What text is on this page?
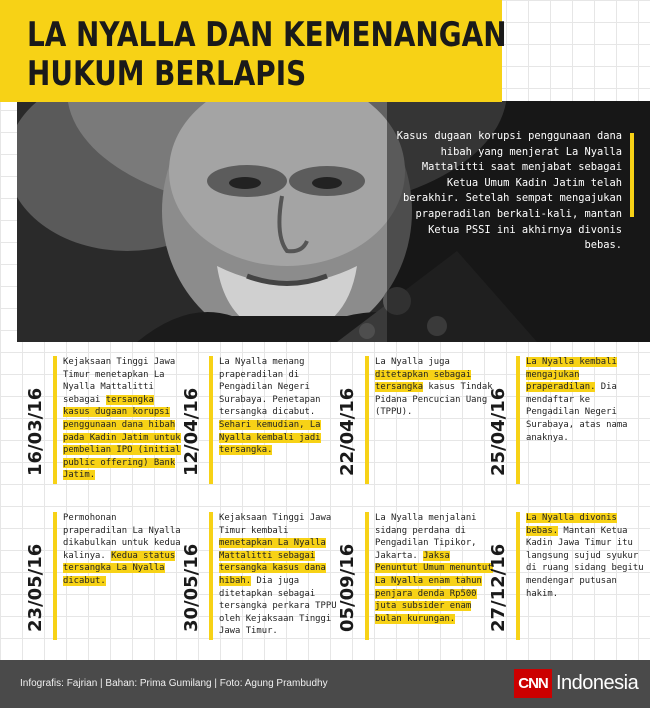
LA NYALLA DAN KEMENANGAN
HUKUM BERLAPIS
Kasus dugaan korupsi penggunaan dana hibah yang menjerat La Nyalla Mattalitti saat menjabat sebagai Ketua Umum Kadin Jatim telah berakhir. Setelah sempat mengajukan praperadilan berkali-kali, mantan Ketua PSSI ini akhirnya divonis bebas.
16/03/16
Kejaksaan Tinggi Jawa Timur menetapkan La Nyalla Mattalitti sebagai tersangka kasus dugaan korupsi penggunaan dana hibah pada Kadin Jatim untuk pembelian IPO (initial public offering) Bank Jatim.	12/04/16
La Nyalla menang praperadilan di Pengadilan Negeri Surabaya. Penetapan tersangka dicabut. Sehari kemudian, La Nyalla kembali jadi tersangka.	22/04/16
La Nyalla juga ditetapkan sebagai tersangka kasus Tindak Pidana Pencucian Uang (TPPU).	25/04/16
La Nyalla kembali mengajukan praperadilan. Dia mendaftar ke Pengadilan Negeri Surabaya, atas nama anaknya.
23/05/16
Permohonan praperadilan La Nyalla dikabulkan untuk kedua kalinya. Kedua status tersangka La Nyalla dicabut.	30/05/16
Kejaksaan Tinggi Jawa Timur kembali menetapkan La Nyalla Mattalitti sebagai tersangka kasus dana hibah. Dia juga ditetapkan sebagai tersangka perkara TPPU oleh Kejaksaan Tinggi Jawa Timur.	05/09/16
La Nyalla menjalani sidang perdana di Pengadilan Tipikor, Jakarta. Jaksa Penuntut Umum menuntut La Nyalla enam tahun penjara denda Rp500 juta subsider enam bulan kurungan.	27/12/16
La Nyalla divonis bebas. Mantan Ketua Kadin Jawa Timur itu langsung sujud syukur di ruang sidang begitu mendengar putusan hakim.
Infografis: Fajrian | Bahan: Prima Gumilang | Foto: Agung Prambudhy	CNN Indonesia
